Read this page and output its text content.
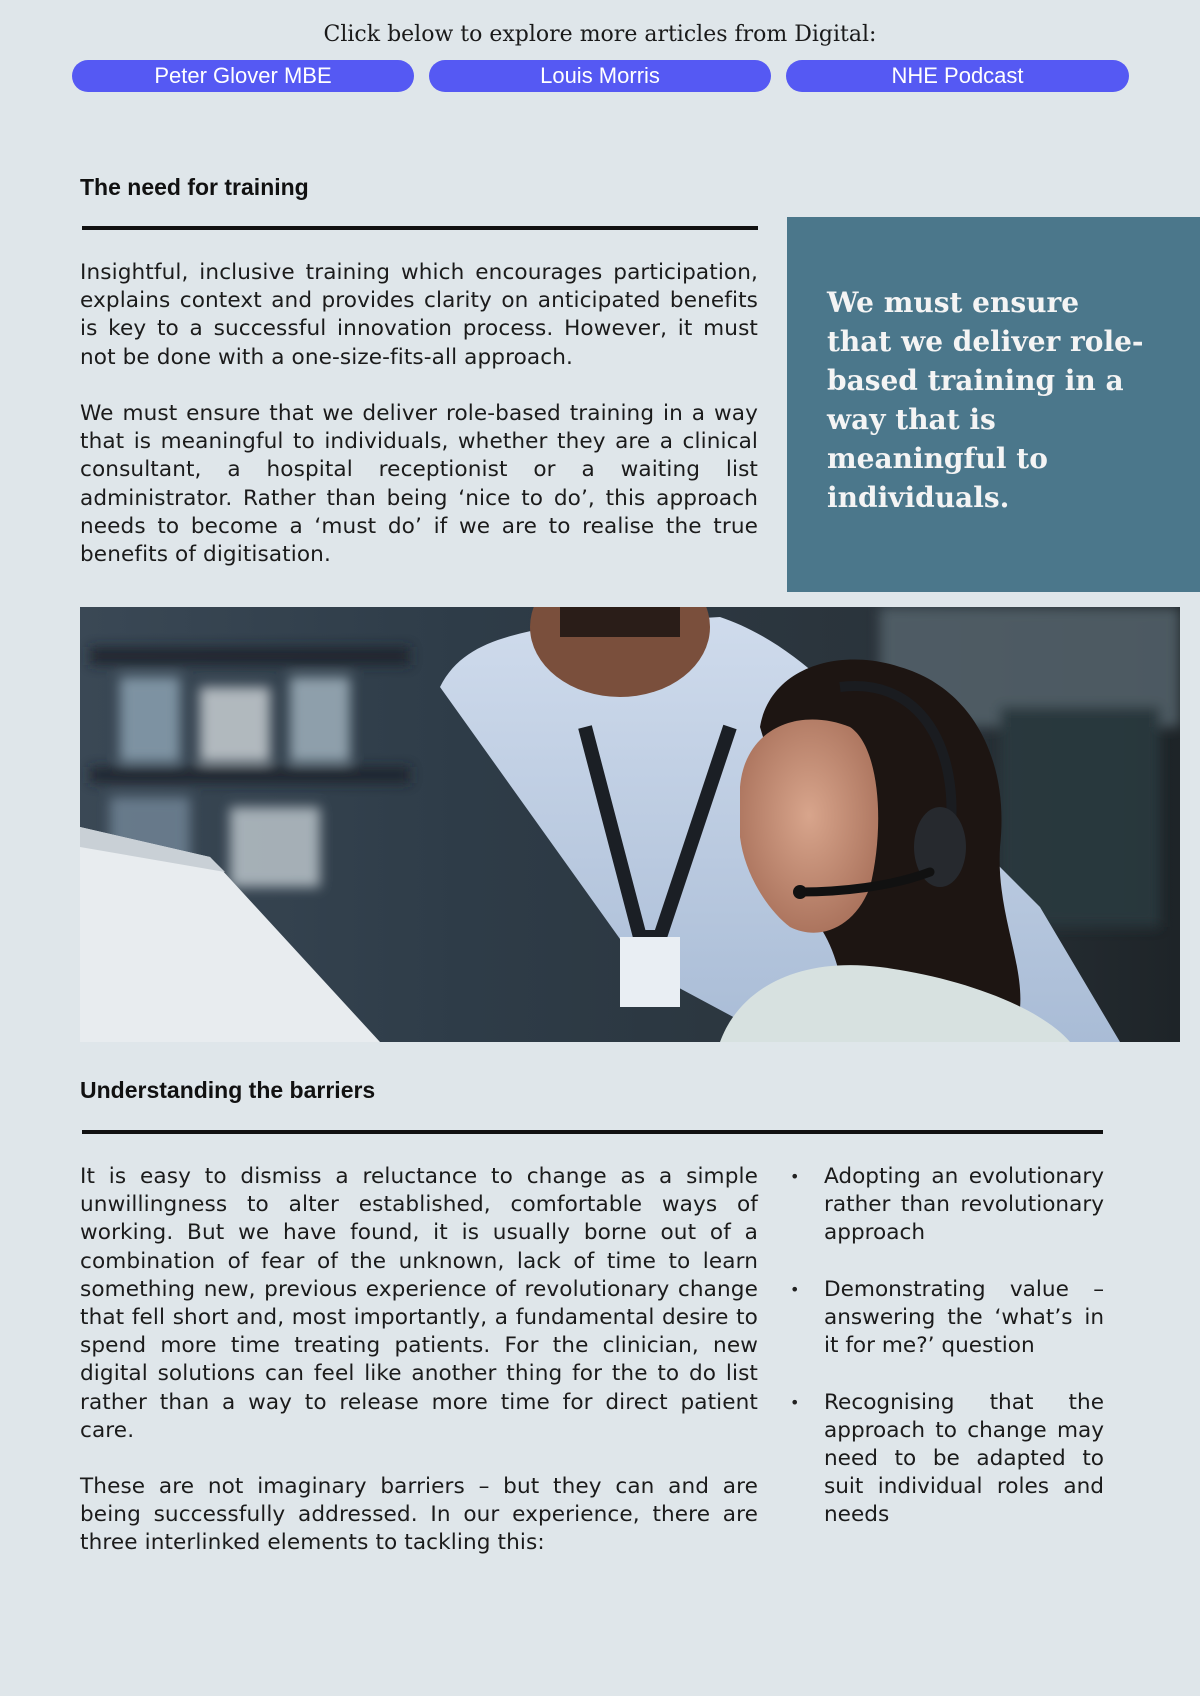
Click below to explore more articles from Digital:
Peter Glover MBE	Louis Morris	NHE Podcast
The need for training
Insightful, inclusive training which encourages participation, explains context and provides clarity on anticipated benefits is key to a successful innovation process. However, it must not be done with a one-size-fits-all approach.
We must ensure that we deliver role-based training in a way that is meaningful to individuals, whether they are a clinical consultant, a hospital receptionist or a waiting list administrator. Rather than being ‘nice to do’, this approach needs to become a ‘must do’ if we are to realise the true benefits of digitisation.
We must ensure that we deliver role-based training in a way that is meaningful to individuals.
Understanding the barriers
It is easy to dismiss a reluctance to change as a simple unwillingness to alter established, comfortable ways of working. But we have found, it is usually borne out of a combination of fear of the unknown, lack of time to learn something new, previous experience of revolutionary change that fell short and, most importantly, a fundamental desire to spend more time treating patients. For the clinician, new digital solutions can feel like another thing for the to do list rather than a way to release more time for direct patient care.
These are not imaginary barriers – but they can and are being successfully addressed. In our experience, there are three interlinked elements to tackling this:
• Adopting an evolutionary rather than revolutionary approach
• Demonstrating value – answering the ‘what’s in it for me?’ question
• Recognising that the approach to change may need to be adapted to suit individual roles and needs
